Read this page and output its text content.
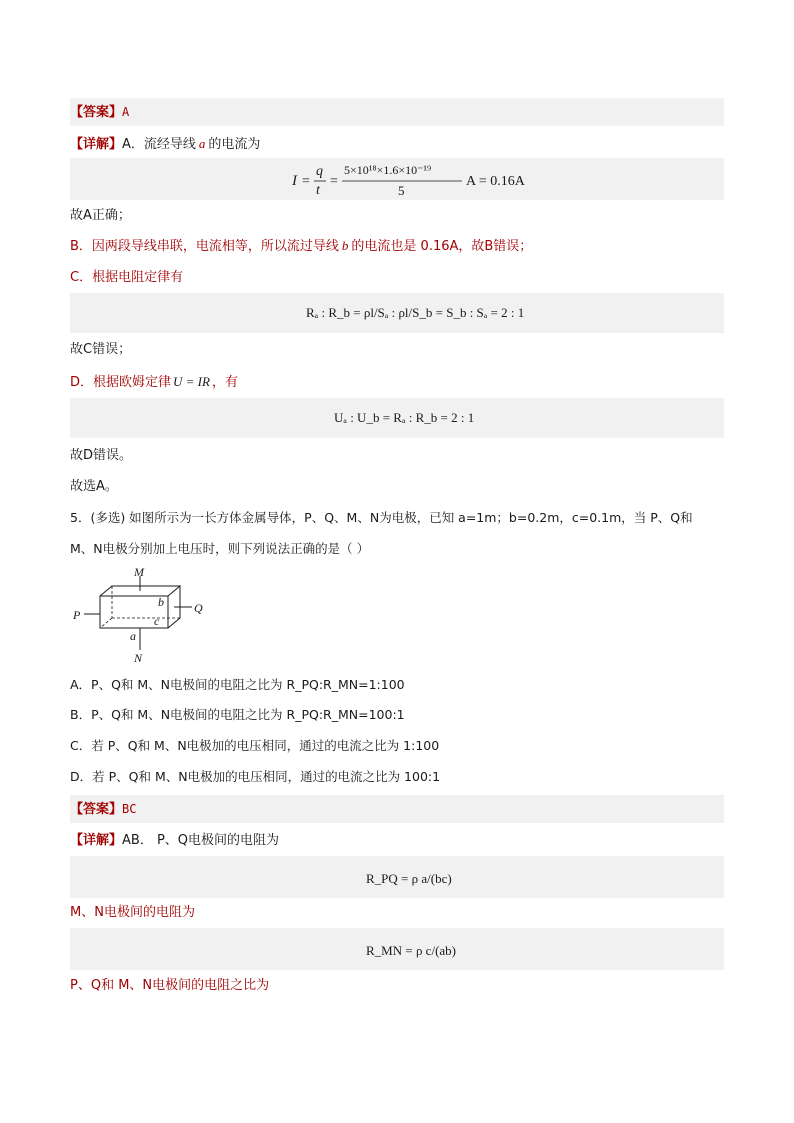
【答案】A
【详解】A．流经导线 a 的电流为
I =
q
t
=
5×10¹⁸×1.6×10⁻¹⁹
5
A = 0.16A
故A正确；
B．因两段导线串联，电流相等，所以流过导线 b 的电流也是 0.16A，故B错误；
C．根据电阻定律有
Rₐ : R_b = ρl/Sₐ : ρl/S_b = S_b : Sₐ = 2 : 1
故C错误；
D．根据欧姆定律 U = IR ，有
Uₐ : U_b = Rₐ : R_b = 2 : 1
故D错误。
故选A。
5．(多选) 如图所示为一长方体金属导体，P、Q、M、N为电极，已知 a=1m；b=0.2m，c=0.1m，当 P、Q和
M、N电极分别加上电压时，则下列说法正确的是（ ）
M
N
P	Q
b
c
a
A．P、Q和 M、N电极间的电阻之比为 R_PQ:R_MN=1:100
B．P、Q和 M、N电极间的电阻之比为 R_PQ:R_MN=100:1
C．若 P、Q和 M、N电极加的电压相同，通过的电流之比为 1:100
D．若 P、Q和 M、N电极加的电压相同，通过的电流之比为 100:1
【答案】BC
【详解】AB． P、Q电极间的电阻为
R_PQ = ρ a/(bc)
M、N电极间的电阻为
R_MN = ρ c/(ab)
P、Q和 M、N电极间的电阻之比为
